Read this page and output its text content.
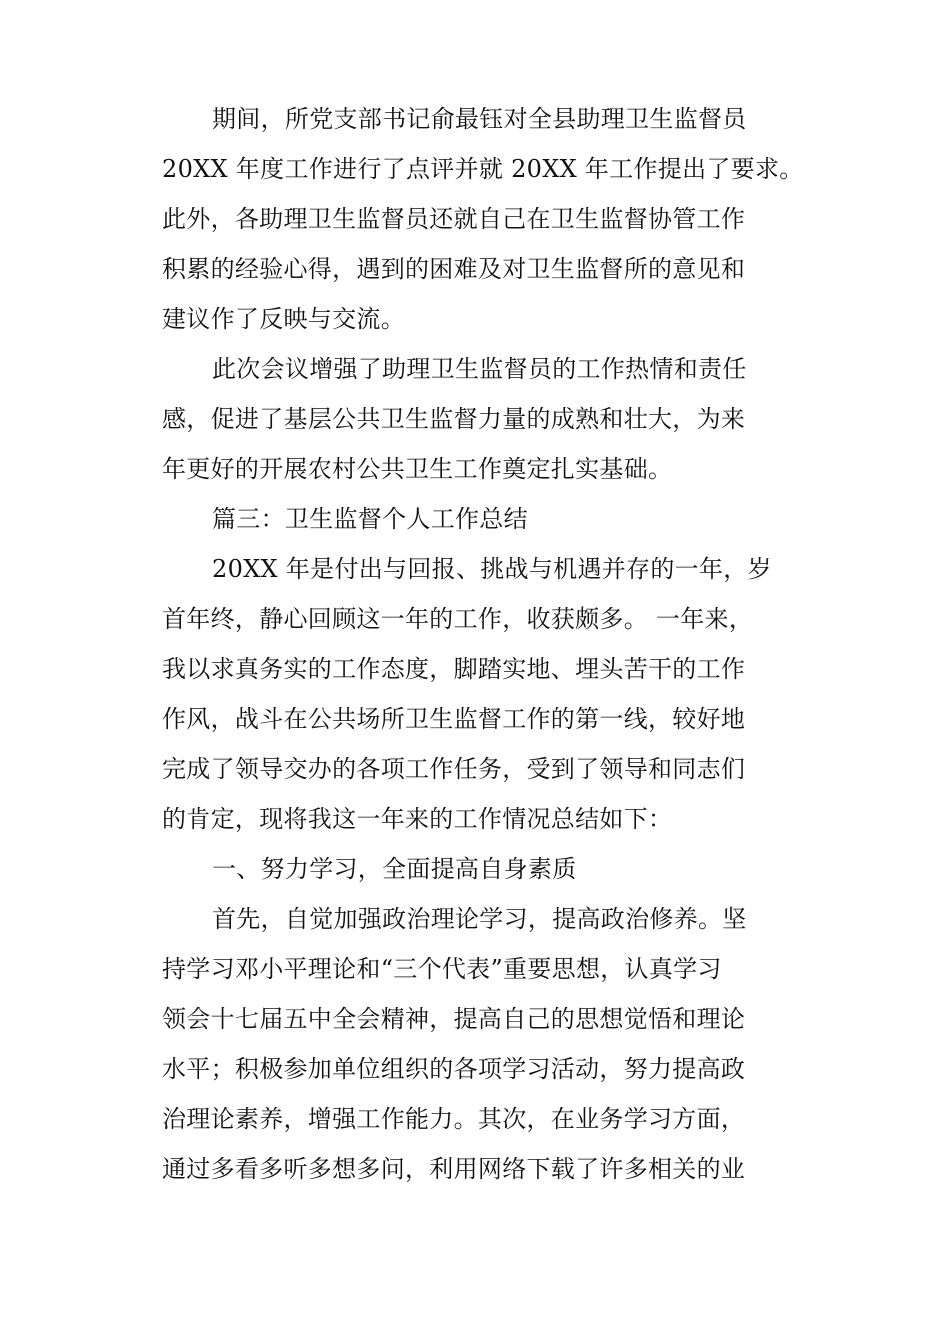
期间，所党支部书记俞最钰对全县助理卫生监督员
20XX 年度工作进行了点评并就 20XX 年工作提出了要求。
此外，各助理卫生监督员还就自己在卫生监督协管工作
积累的经验心得，遇到的困难及对卫生监督所的意见和
建议作了反映与交流。
此次会议增强了助理卫生监督员的工作热情和责任
感，促进了基层公共卫生监督力量的成熟和壮大，为来
年更好的开展农村公共卫生工作奠定扎实基础。
篇三：卫生监督个人工作总结
20XX 年是付出与回报、挑战与机遇并存的一年，岁
首年终，静心回顾这一年的工作，收获颇多。 一年来，
我以求真务实的工作态度，脚踏实地、埋头苦干的工作
作风，战斗在公共场所卫生监督工作的第一线，较好地
完成了领导交办的各项工作任务，受到了领导和同志们
的肯定，现将我这一年来的工作情况总结如下：
一、努力学习，全面提高自身素质
首先，自觉加强政治理论学习，提高政治修养。坚
持学习邓小平理论和“三个代表”重要思想，认真学习
领会十七届五中全会精神，提高自己的思想觉悟和理论
水平；积极参加单位组织的各项学习活动，努力提高政
治理论素养，增强工作能力。其次，在业务学习方面，
通过多看多听多想多问，利用网络下载了许多相关的业
